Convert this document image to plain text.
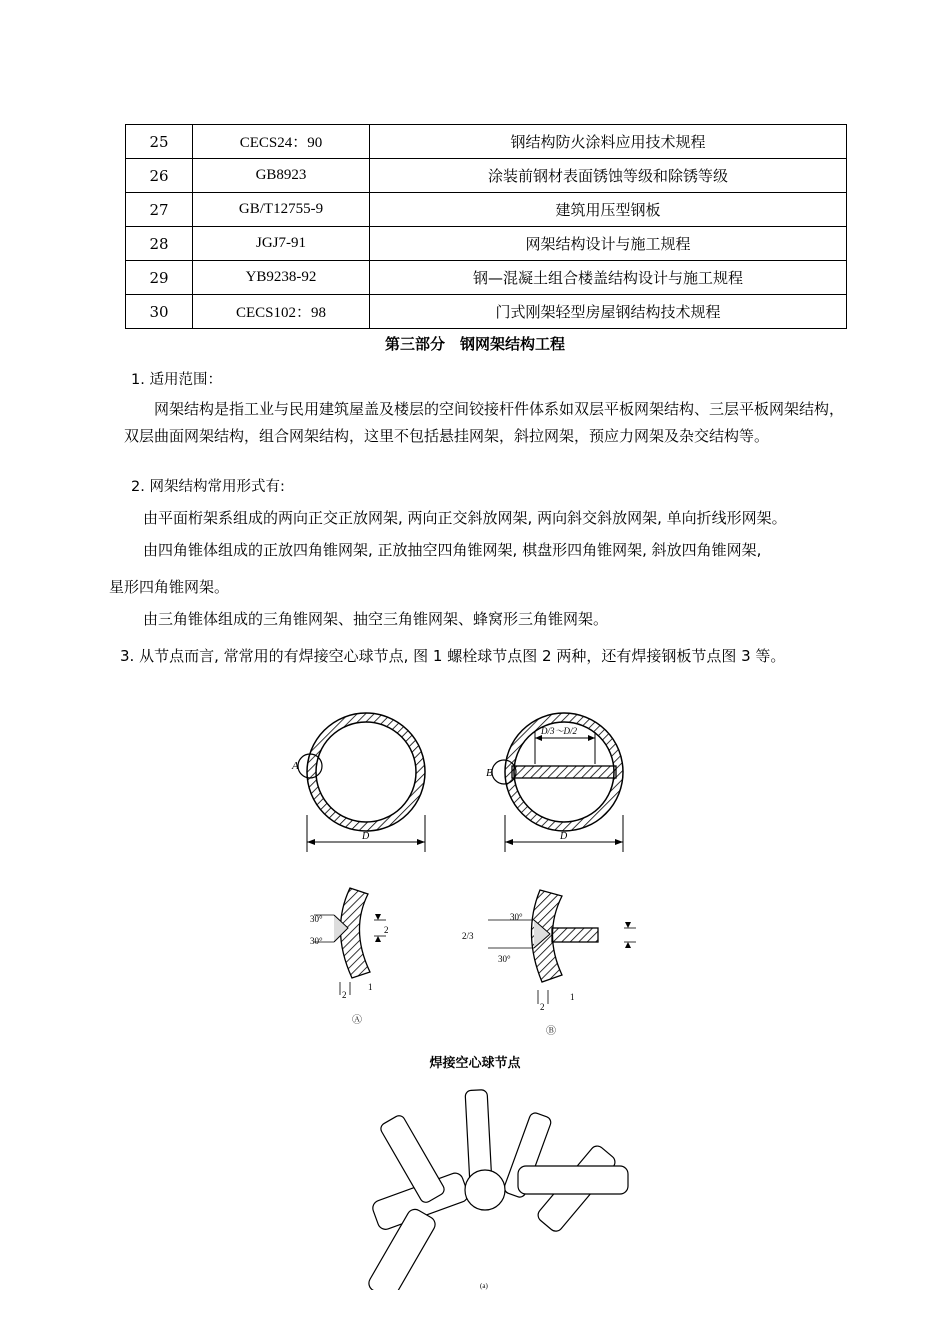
25	CECS24：90	钢结构防火涂料应用技术规程
26	GB8923	涂装前钢材表面锈蚀等级和除锈等级
27	GB/T12755-9	建筑用压型钢板
28	JGJ7-91	网架结构设计与施工规程
29	YB9238-92	钢—混凝土组合楼盖结构设计与施工规程
30	CECS102：98	门式刚架轻型房屋钢结构技术规程
第三部分　钢网架结构工程
1. 适用范围：
网架结构是指工业与民用建筑屋盖及楼层的空间铰接杆件体系如双层平板网架结构、三层平板网架结构，双层曲面网架结构，组合网架结构，这里不包括悬挂网架，斜拉网架，预应力网架及杂交结构等。
2. 网架结构常用形式有:
由平面桁架系组成的两向正交正放网架, 两向正交斜放网架, 两向斜交斜放网架, 单向折线形网架。
由四角锥体组成的正放四角锥网架, 正放抽空四角锥网架, 棋盘形四角锥网架, 斜放四角锥网架,
星形四角锥网架。
由三角锥体组成的三角锥网架、抽空三角锥网架、蜂窝形三角锥网架。
3. 从节点而言, 常常用的有焊接空心球节点, 图 1 螺栓球节点图 2 两种，还有焊接钢板节点图 3 等。
A
D
B
D/3～D/2
D
30°
30°
2
2
1
Ⓐ
30°
30°
2/3
2
1
Ⓑ
(a)
焊接空心球节点
